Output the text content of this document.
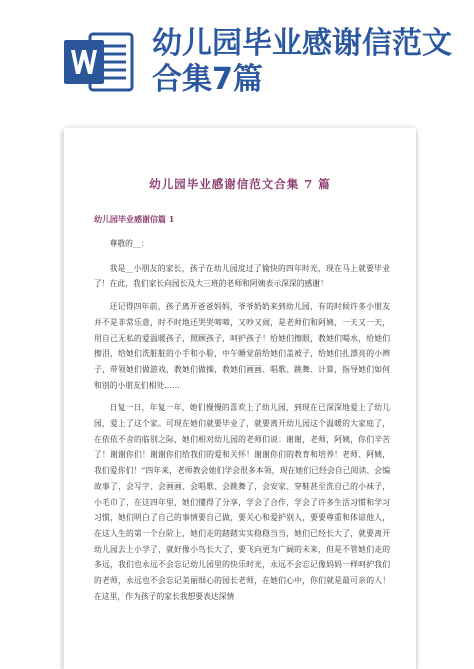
幼儿园毕业感谢信范文合集7篇
幼儿园毕业感谢信范文合集 7 篇
幼儿园毕业感谢信篇 1

尊敬的__：

我是__小朋友的家长，孩子在幼儿园度过了愉快的四年时光，现在马上就要毕业了！在此，我们家长向园长及大三班的老师和阿姨表示深深的感谢！

还记得四年前，孩子离开爸爸妈妈，爷爷奶奶来到幼儿园，有的时候许多小朋友并不是非常乐意，时不时地还哭哭啼啼，又吵又闹，是老师们和阿姨，一天又一天，用自己无私的爱温暖孩子，照顾孩子，呵护孩子！给她们擦眼，教她们喝水，给她们擦泪，给她们洗脏脏的小手和小脸，中午睡觉前给她们盖被子，给她们扎漂亮的小辫子，带领她们做游戏，教她们做操，教她们画画、唱歌、跳舞、计算，指导她们如何和别的小朋友们相处……

日复一日，年复一年，她们慢慢的喜欢上了幼儿园，到现在已深深地爱上了幼儿园，爱上了这个家。可现在她们就要毕业了，就要离开幼儿园这个温暖的大家庭了，在依依不舍的临别之际，她们相对幼儿园的老师们说：谢谢，老师，阿姨，你们辛苦了！谢谢你们！谢谢你们给我们的爱和关怀！谢谢你们的教育和培养！老师、阿姨，我们爱你们！”四年来，老师教会她们学会很多本领，现在她们已经会自己阅读、会编故事了，会写字、会画画、会唱歌、会跳舞了，会安家、穿鞋甚至洗自己的小袜子，小毛巾了，在这四年里，她们懂得了分享，学会了合作，学会了许多生活习惯和学习习惯，她们明白了自己的事情要自己做，要关心和爱护别人，要要尊重和体谅他人，在这人生的第一个台阶上，她们走的踏踏实实稳稳当当，她们已经长大了，就要离开幼儿园去上小学了，就好像小鸟长大了，要飞向更为广阔的未来，但是不管她们走的多远，我们也永远不会忘记幼儿园里的快乐时光，永远不会忘记像妈妈一样呵护我们的老师，永远也不会忘记美丽细心的园长老师，在她们心中，你们就是最可亲的人！在这里，作为孩子的家长我想要表达深情
